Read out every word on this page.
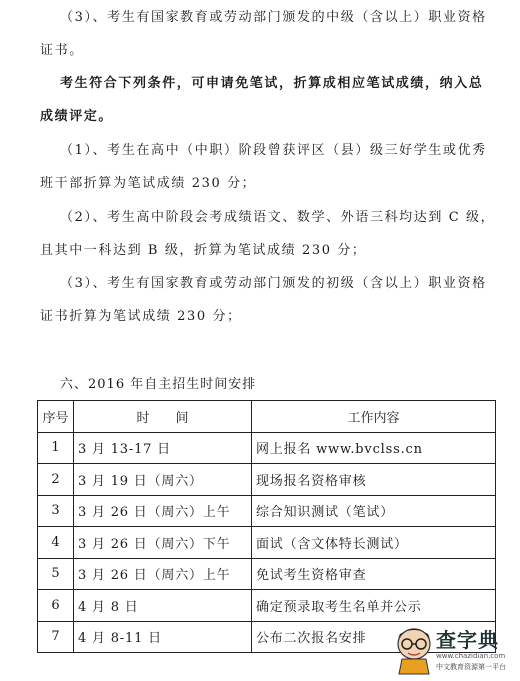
（3）、考生有国家教育或劳动部门颁发的中级（含以上）职业资格
证书。
考生符合下列条件，可申请免笔试，折算成相应笔试成绩，纳入总
成绩评定。
（1）、考生在高中（中职）阶段曾获评区（县）级三好学生或优秀
班干部折算为笔试成绩 230 分；
（2）、考生高中阶段会考成绩语文、数学、外语三科均达到 C 级，
且其中一科达到 B 级，折算为笔试成绩 230 分；
（3）、考生有国家教育或劳动部门颁发的初级（含以上）职业资格
证书折算为笔试成绩 230 分；
六、2016 年自主招生时间安排
序号	时　　间	工作内容
1	3 月 13-17 日	网上报名 www.bvclss.cn
2	3 月 19 日（周六）	现场报名资格审核
3	3 月 26 日（周六）上午	综合知识测试（笔试）
4	3 月 26 日（周六）下午	面试（含文体特长测试）
5	3 月 26 日（周六）上午	免试考生资格审查
6	4 月 8 日	确定预录取考生名单并公示
7	4 月 8-11 日	公布二次报名安排	查字典
www.chazidian.com
中文教育资源第一平台
